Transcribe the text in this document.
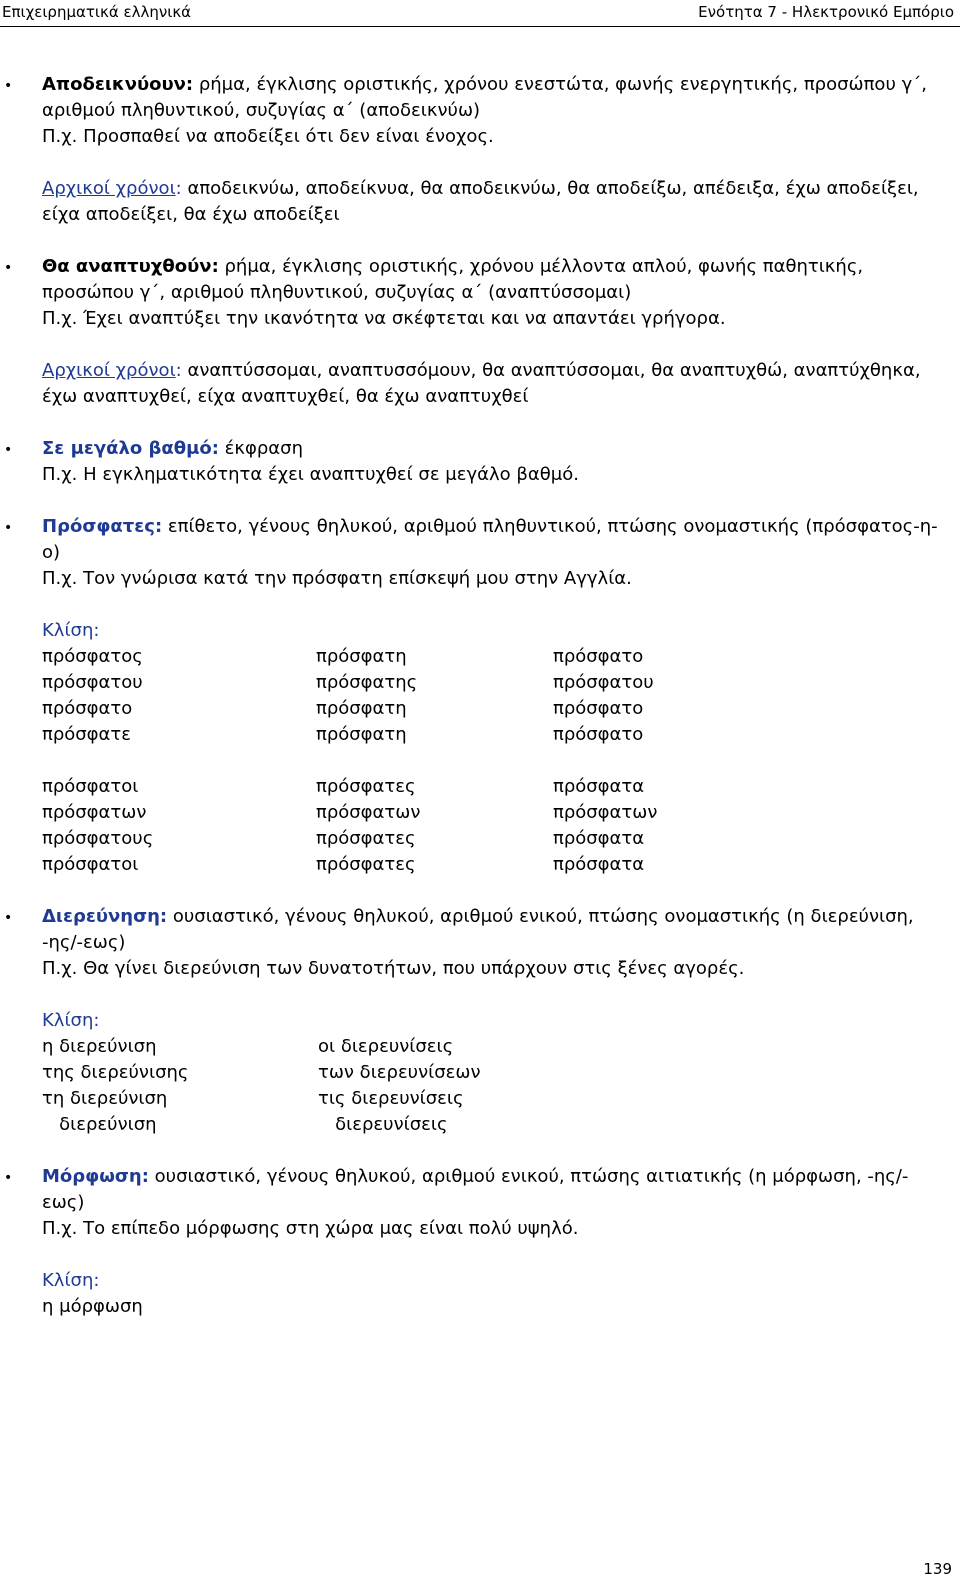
Επιχειρηματικά ελληνικά	Ενότητα 7 - Ηλεκτρονικό Εμπόριο
• Αποδεικνύουν: ρήμα, έγκλισης οριστικής, χρόνου ενεστώτα, φωνής ενεργητικής, προσώπου γ΄, αριθμού πληθυντικού, συζυγίας α΄ (αποδεικνύω)
Π.χ. Προσπαθεί να αποδείξει ότι δεν είναι ένοχος.
Αρχικοί χρόνοι: αποδεικνύω, αποδείκνυα, θα αποδεικνύω, θα αποδείξω, απέδειξα, έχω αποδείξει, είχα αποδείξει, θα έχω αποδείξει
• Θα αναπτυχθούν: ρήμα, έγκλισης οριστικής, χρόνου μέλλοντα απλού, φωνής παθητικής, προσώπου γ΄, αριθμού πληθυντικού, συζυγίας α΄ (αναπτύσσομαι)
Π.χ. Έχει αναπτύξει την ικανότητα να σκέφτεται και να απαντάει γρήγορα.
Αρχικοί χρόνοι: αναπτύσσομαι, αναπτυσσόμουν, θα αναπτύσσομαι, θα αναπτυχθώ, αναπτύχθηκα, έχω αναπτυχθεί, είχα αναπτυχθεί, θα έχω αναπτυχθεί
• Σε μεγάλο βαθμό: έκφραση
Π.χ. Η εγκληματικότητα έχει αναπτυχθεί σε μεγάλο βαθμό.
• Πρόσφατες: επίθετο, γένους θηλυκού, αριθμού πληθυντικού, πτώσης ονομαστικής (πρόσφατος-η-ο)
Π.χ. Τον γνώρισα κατά την πρόσφατη επίσκεψή μου στην Αγγλία.
Κλίση:
πρόσφατος	πρόσφατη	πρόσφατο
πρόσφατου	πρόσφατης	πρόσφατου
πρόσφατο	πρόσφατη	πρόσφατο
πρόσφατε	πρόσφατη	πρόσφατο
πρόσφατοι	πρόσφατες	πρόσφατα
πρόσφατων	πρόσφατων	πρόσφατων
πρόσφατους	πρόσφατες	πρόσφατα
πρόσφατοι	πρόσφατες	πρόσφατα
• Διερεύνηση: ουσιαστικό, γένους θηλυκού, αριθμού ενικού, πτώσης ονομαστικής (η διερεύνιση, -ης/-εως)
Π.χ. Θα γίνει διερεύνιση των δυνατοτήτων, που υπάρχουν στις ξένες αγορές.
Κλίση:
η διερεύνιση	οι διερευνίσεις
της διερεύνισης	των διερευνίσεων
τη διερεύνιση	τις διερευνίσεις
διερεύνιση	διερευνίσεις
• Μόρφωση: ουσιαστικό, γένους θηλυκού, αριθμού ενικού, πτώσης αιτιατικής (η μόρφωση, -ης/-εως)
Π.χ. Το επίπεδο μόρφωσης στη χώρα μας είναι πολύ υψηλό.
Κλίση:
η μόρφωση
139
